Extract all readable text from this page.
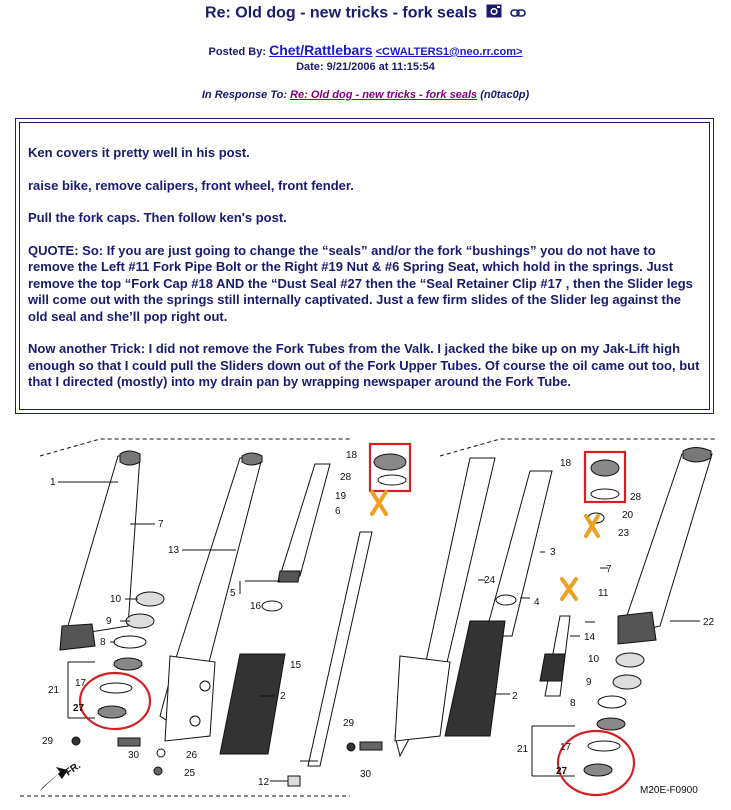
Re: Old dog - new tricks - fork seals
Posted By: Chet/Rattlebars <CWALTERS1@neo.rr.com>
Date: 9/21/2006 at 11:15:54
In Response To: Re: Old dog - new tricks - fork seals (n0tac0p)

Ken covers it pretty well in his post.

raise bike, remove calipers, front wheel, front fender.

Pull the fork caps. Then follow ken's post.

QUOTE: So: If you are just going to change the “seals” and/or the fork “bushings” you do not have to remove the Left #11 Fork Pipe Bolt or the Right #19 Nut & #6 Spring Seat, which hold in the springs. Just remove the top “Fork Cap #18 AND the “Dust Seal #27 then the “Seal Retainer Clip #17 , then the Slider legs will come out with the springs still internally captivated. Just a few firm slides of the Slider leg against the old seal and she’ll pop right out.

Now another Trick: I did not remove the Fork Tubes from the Valk. I jacked the bike up on my Jak-Lift high enough so that I could pull the Sliders down out of the Fork Upper Tubes. Of course the oil came out too, but that I directed (mostly) into my drain pan by wrapping newspaper around the Fork Tube.

FR.
1
7
13
10
9
8
21
17
27
29
30	26
25
5
16
2
15
12
18
28
19
6
29
30
3
24
4
2
18
28
20
23
11
14
7
22
10
9
8
21	17
27
M20E-F0900
